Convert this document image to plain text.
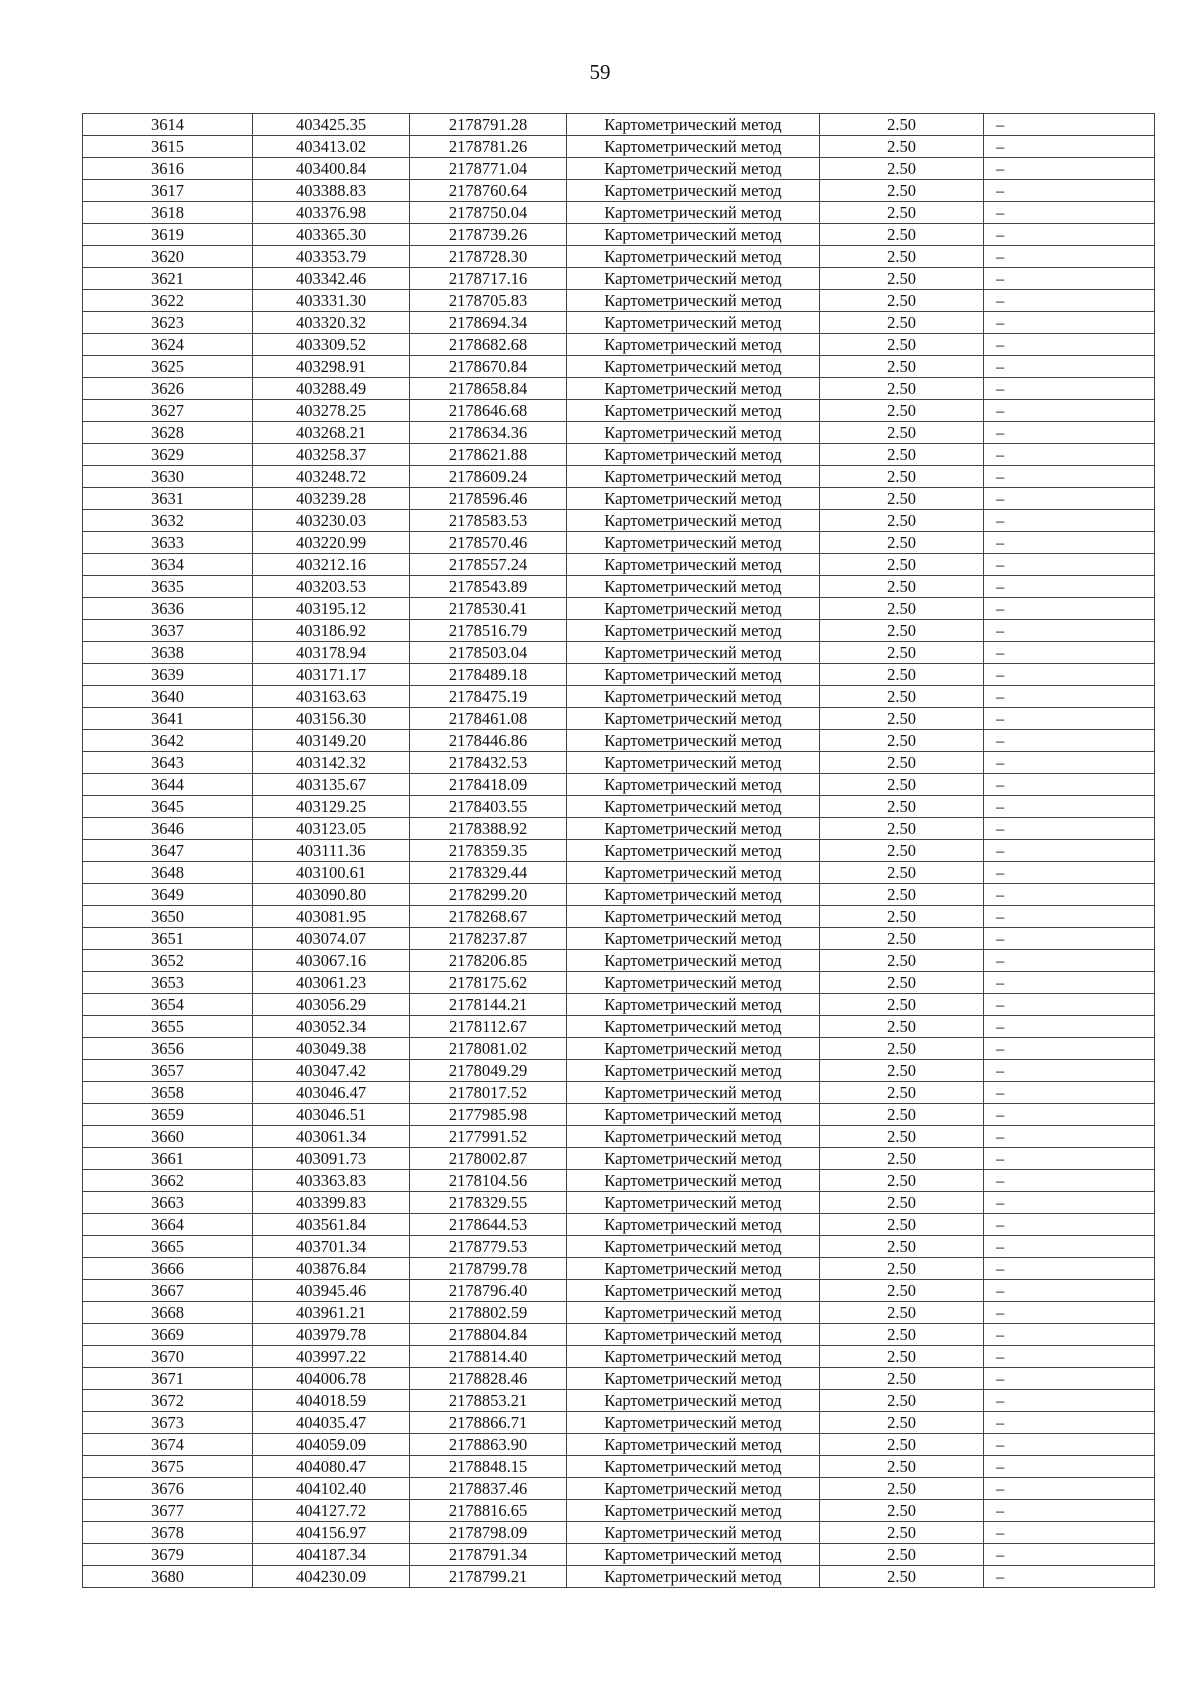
59
3614	403425.35	2178791.28	Картометрический метод	2.50	–
3615	403413.02	2178781.26	Картометрический метод	2.50	–
3616	403400.84	2178771.04	Картометрический метод	2.50	–
3617	403388.83	2178760.64	Картометрический метод	2.50	–
3618	403376.98	2178750.04	Картометрический метод	2.50	–
3619	403365.30	2178739.26	Картометрический метод	2.50	–
3620	403353.79	2178728.30	Картометрический метод	2.50	–
3621	403342.46	2178717.16	Картометрический метод	2.50	–
3622	403331.30	2178705.83	Картометрический метод	2.50	–
3623	403320.32	2178694.34	Картометрический метод	2.50	–
3624	403309.52	2178682.68	Картометрический метод	2.50	–
3625	403298.91	2178670.84	Картометрический метод	2.50	–
3626	403288.49	2178658.84	Картометрический метод	2.50	–
3627	403278.25	2178646.68	Картометрический метод	2.50	–
3628	403268.21	2178634.36	Картометрический метод	2.50	–
3629	403258.37	2178621.88	Картометрический метод	2.50	–
3630	403248.72	2178609.24	Картометрический метод	2.50	–
3631	403239.28	2178596.46	Картометрический метод	2.50	–
3632	403230.03	2178583.53	Картометрический метод	2.50	–
3633	403220.99	2178570.46	Картометрический метод	2.50	–
3634	403212.16	2178557.24	Картометрический метод	2.50	–
3635	403203.53	2178543.89	Картометрический метод	2.50	–
3636	403195.12	2178530.41	Картометрический метод	2.50	–
3637	403186.92	2178516.79	Картометрический метод	2.50	–
3638	403178.94	2178503.04	Картометрический метод	2.50	–
3639	403171.17	2178489.18	Картометрический метод	2.50	–
3640	403163.63	2178475.19	Картометрический метод	2.50	–
3641	403156.30	2178461.08	Картометрический метод	2.50	–
3642	403149.20	2178446.86	Картометрический метод	2.50	–
3643	403142.32	2178432.53	Картометрический метод	2.50	–
3644	403135.67	2178418.09	Картометрический метод	2.50	–
3645	403129.25	2178403.55	Картометрический метод	2.50	–
3646	403123.05	2178388.92	Картометрический метод	2.50	–
3647	403111.36	2178359.35	Картометрический метод	2.50	–
3648	403100.61	2178329.44	Картометрический метод	2.50	–
3649	403090.80	2178299.20	Картометрический метод	2.50	–
3650	403081.95	2178268.67	Картометрический метод	2.50	–
3651	403074.07	2178237.87	Картометрический метод	2.50	–
3652	403067.16	2178206.85	Картометрический метод	2.50	–
3653	403061.23	2178175.62	Картометрический метод	2.50	–
3654	403056.29	2178144.21	Картометрический метод	2.50	–
3655	403052.34	2178112.67	Картометрический метод	2.50	–
3656	403049.38	2178081.02	Картометрический метод	2.50	–
3657	403047.42	2178049.29	Картометрический метод	2.50	–
3658	403046.47	2178017.52	Картометрический метод	2.50	–
3659	403046.51	2177985.98	Картометрический метод	2.50	–
3660	403061.34	2177991.52	Картометрический метод	2.50	–
3661	403091.73	2178002.87	Картометрический метод	2.50	–
3662	403363.83	2178104.56	Картометрический метод	2.50	–
3663	403399.83	2178329.55	Картометрический метод	2.50	–
3664	403561.84	2178644.53	Картометрический метод	2.50	–
3665	403701.34	2178779.53	Картометрический метод	2.50	–
3666	403876.84	2178799.78	Картометрический метод	2.50	–
3667	403945.46	2178796.40	Картометрический метод	2.50	–
3668	403961.21	2178802.59	Картометрический метод	2.50	–
3669	403979.78	2178804.84	Картометрический метод	2.50	–
3670	403997.22	2178814.40	Картометрический метод	2.50	–
3671	404006.78	2178828.46	Картометрический метод	2.50	–
3672	404018.59	2178853.21	Картометрический метод	2.50	–
3673	404035.47	2178866.71	Картометрический метод	2.50	–
3674	404059.09	2178863.90	Картометрический метод	2.50	–
3675	404080.47	2178848.15	Картометрический метод	2.50	–
3676	404102.40	2178837.46	Картометрический метод	2.50	–
3677	404127.72	2178816.65	Картометрический метод	2.50	–
3678	404156.97	2178798.09	Картометрический метод	2.50	–
3679	404187.34	2178791.34	Картометрический метод	2.50	–
3680	404230.09	2178799.21	Картометрический метод	2.50	–
